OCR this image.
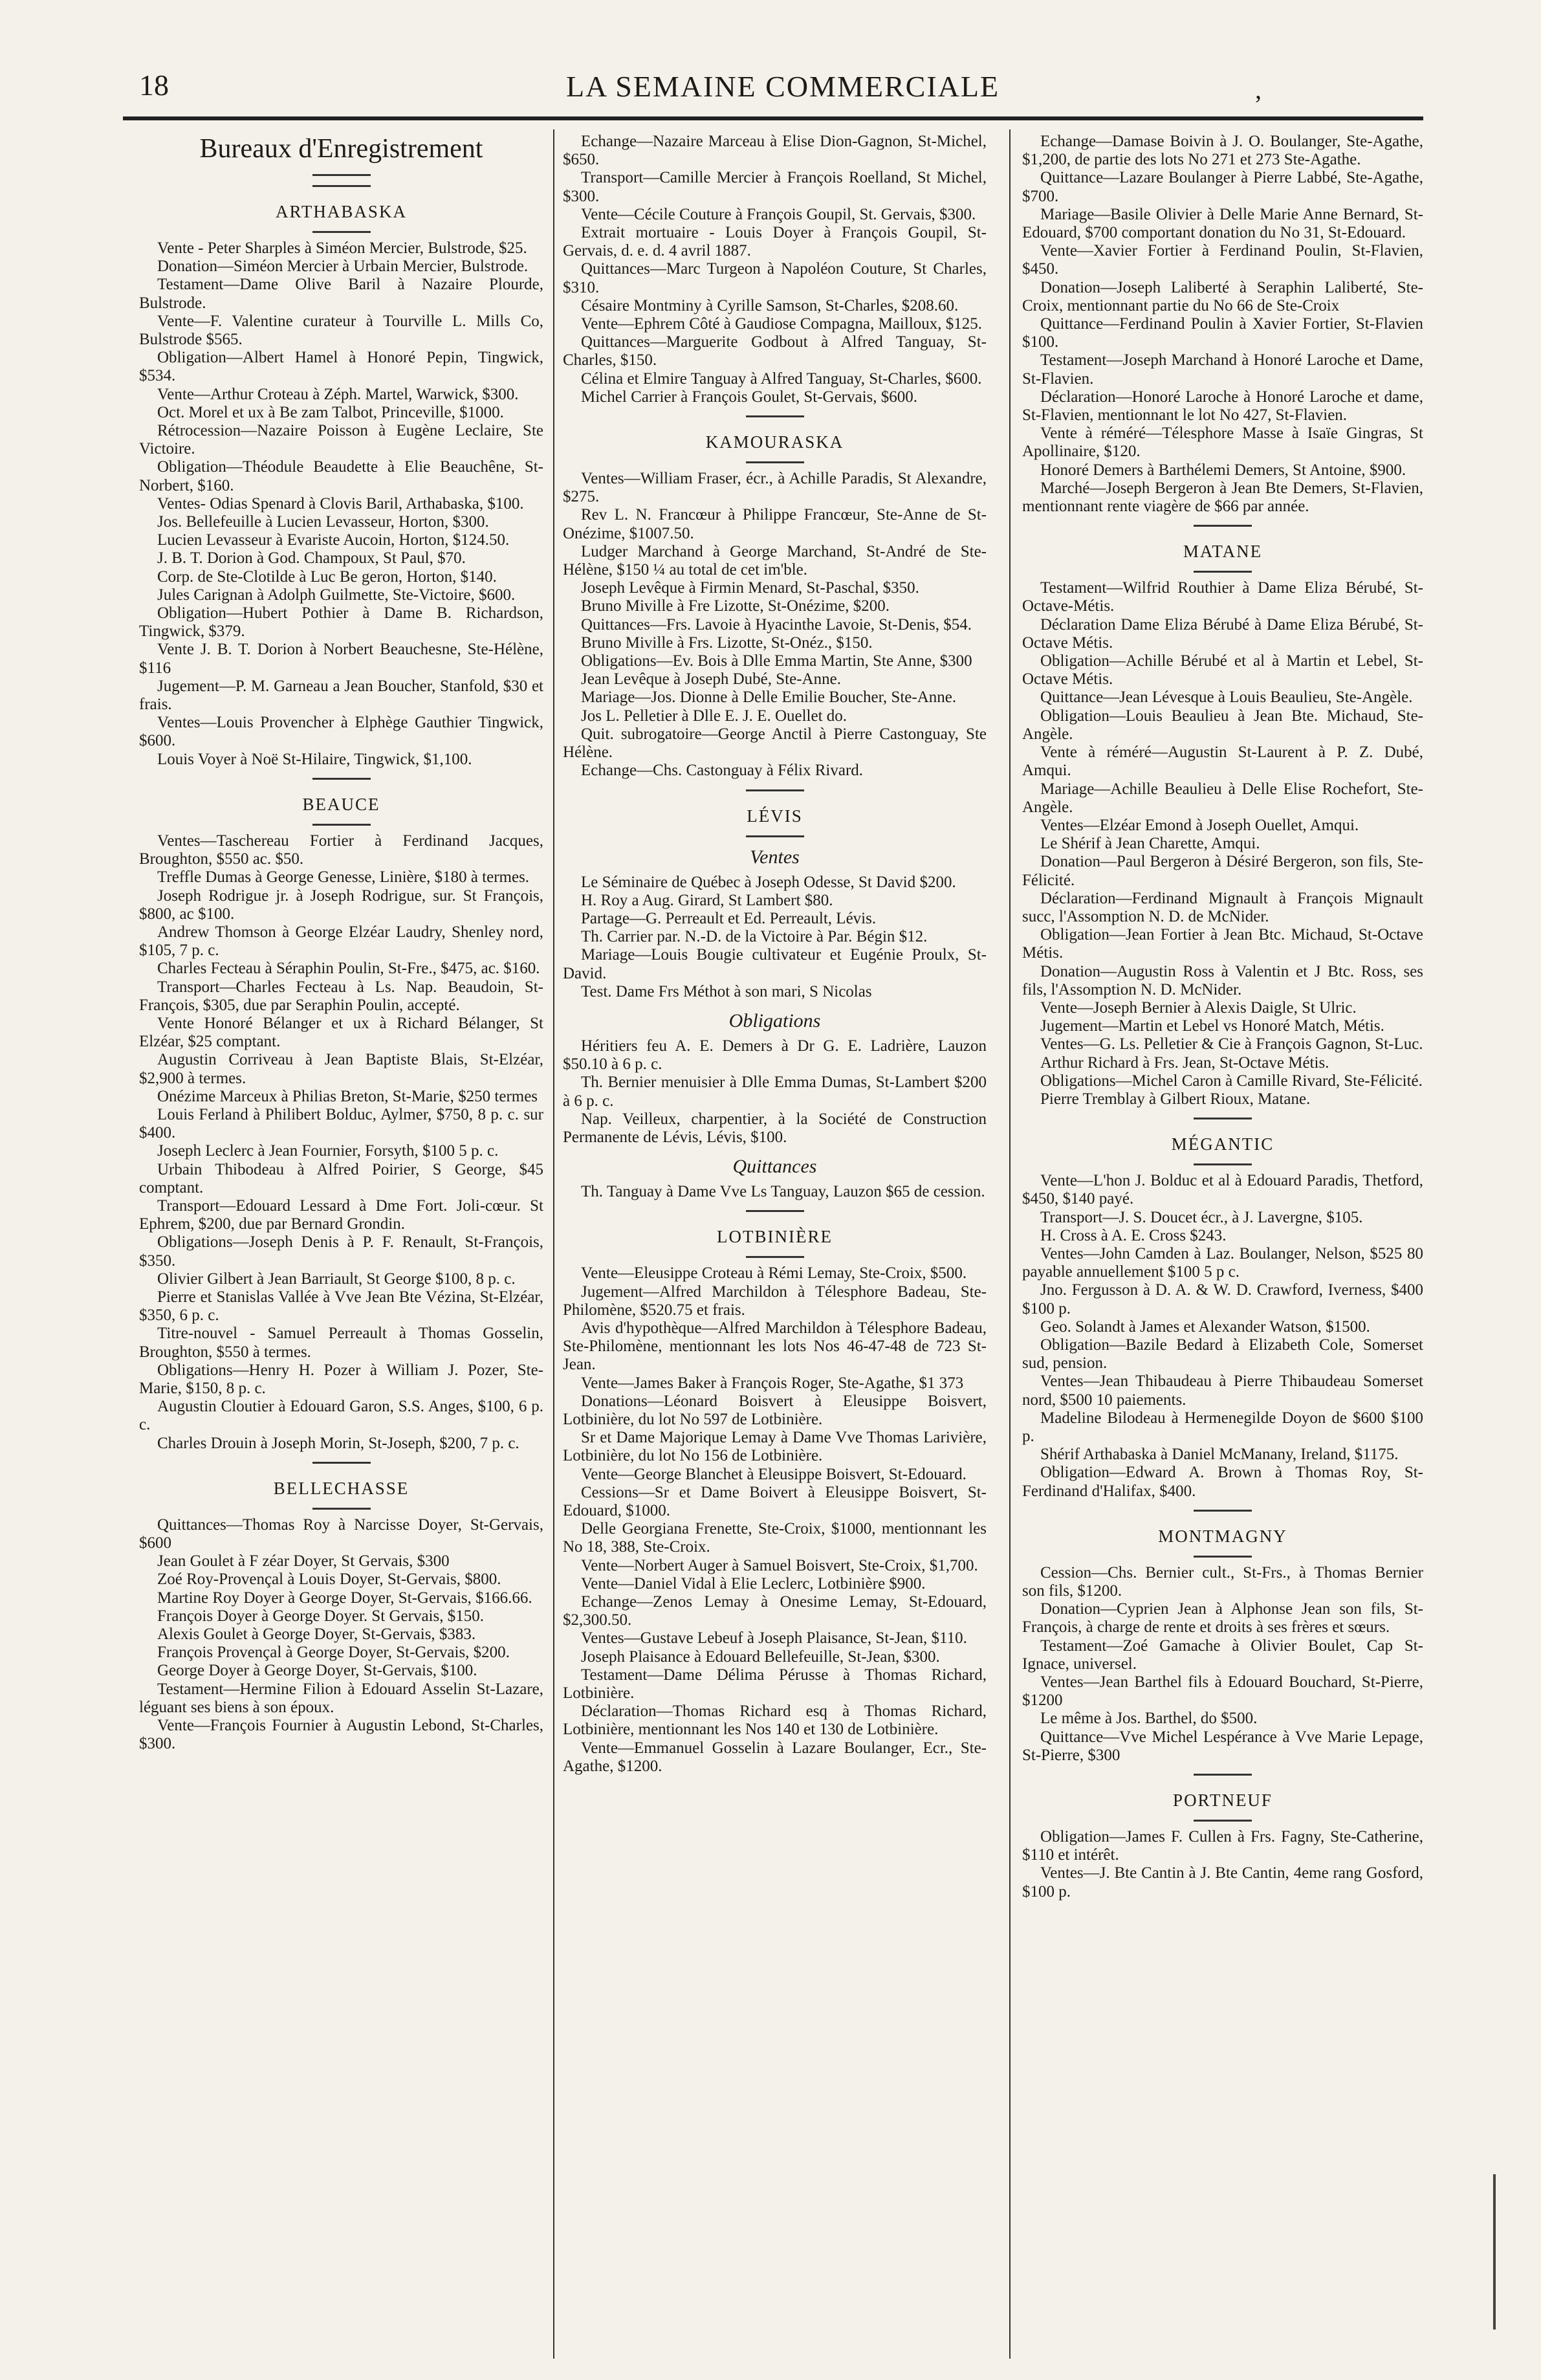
18	LA SEMAINE COMMERCIALE	,
Bureaux d'Enregistrement
ARTHABASKA

Vente - Peter Sharples à Siméon Mercier, Bulstrode, $25.

Donation—Siméon Mercier à Urbain Mercier, Bulstrode.

Testament—Dame Olive Baril à Nazaire Plourde, Bulstrode.

Vente—F. Valentine curateur à Tourville L. Mills Co, Bulstrode $565.

Obligation—Albert Hamel à Honoré Pepin, Tingwick, $534.

Vente—Arthur Croteau à Zéph. Martel, Warwick, $300.

Oct. Morel et ux à Be zam Talbot, Princeville, $1000.

Rétrocession—Nazaire Poisson à Eugène Leclaire, Ste Victoire.

Obligation—Théodule Beaudette à Elie Beauchêne, St-Norbert, $160.

Ventes- Odias Spenard à Clovis Baril, Arthabaska, $100.

Jos. Bellefeuille à Lucien Levasseur, Horton, $300.

Lucien Levasseur à Evariste Aucoin, Horton, $124.50.

J. B. T. Dorion à God. Champoux, St Paul, $70.

Corp. de Ste-Clotilde à Luc Be geron, Horton, $140.

Jules Carignan à Adolph Guilmette, Ste-Victoire, $600.

Obligation—Hubert Pothier à Dame B. Richardson, Tingwick, $379.

Vente J. B. T. Dorion à Norbert Beauchesne, Ste-Hélène, $116

Jugement—P. M. Garneau a Jean Boucher, Stanfold, $30 et frais.

Ventes—Louis Provencher à Elphège Gauthier Tingwick, $600.

Louis Voyer à Noë St-Hilaire, Tingwick, $1,100.

BEAUCE

Ventes—Taschereau Fortier à Ferdinand Jacques, Broughton, $550 ac. $50.

Treffle Dumas à George Genesse, Linière, $180 à termes.

Joseph Rodrigue jr. à Joseph Rodrigue, sur. St François, $800, ac $100.

Andrew Thomson à George Elzéar Laudry, Shenley nord, $105, 7 p. c.

Charles Fecteau à Séraphin Poulin, St-Fre., $475, ac. $160.

Transport—Charles Fecteau à Ls. Nap. Beaudoin, St-François, $305, due par Seraphin Poulin, accepté.

Vente Honoré Bélanger et ux à Richard Bélanger, St Elzéar, $25 comptant.

Augustin Corriveau à Jean Baptiste Blais, St-Elzéar, $2,900 à termes.

Onézime Marceux à Philias Breton, St-Marie, $250 termes

Louis Ferland à Philibert Bolduc, Aylmer, $750, 8 p. c. sur $400.

Joseph Leclerc à Jean Fournier, Forsyth, $100 5 p. c.

Urbain Thibodeau à Alfred Poirier, S George, $45 comptant.

Transport—Edouard Lessard à Dme Fort. Joli-cœur. St Ephrem, $200, due par Bernard Grondin.

Obligations—Joseph Denis à P. F. Renault, St-François, $350.

Olivier Gilbert à Jean Barriault, St George $100, 8 p. c.

Pierre et Stanislas Vallée à Vve Jean Bte Vézina, St-Elzéar, $350, 6 p. c.

Titre-nouvel - Samuel Perreault à Thomas Gosselin, Broughton, $550 à termes.

Obligations—Henry H. Pozer à William J. Pozer, Ste-Marie, $150, 8 p. c.

Augustin Cloutier à Edouard Garon, S.S. Anges, $100, 6 p. c.

Charles Drouin à Joseph Morin, St-Joseph, $200, 7 p. c.

BELLECHASSE

Quittances—Thomas Roy à Narcisse Doyer, St-Gervais, $600

Jean Goulet à F zéar Doyer, St Gervais, $300

Zoé Roy-Provençal à Louis Doyer, St-Gervais, $800.

Martine Roy Doyer à George Doyer, St-Gervais, $166.66.

François Doyer à George Doyer. St Gervais, $150.

Alexis Goulet à George Doyer, St-Gervais, $383.

François Provençal à George Doyer, St-Gervais, $200.

George Doyer à George Doyer, St-Gervais, $100.

Testament—Hermine Filion à Edouard Asselin St-Lazare, léguant ses biens à son époux.

Vente—François Fournier à Augustin Lebond, St-Charles, $300.

Echange—Nazaire Marceau à Elise Dion-Gagnon, St-Michel, $650.

Transport—Camille Mercier à François Roelland, St Michel, $300.

Vente—Cécile Couture à François Goupil, St. Gervais, $300.

Extrait mortuaire - Louis Doyer à François Goupil, St-Gervais, d. e. d. 4 avril 1887.

Quittances—Marc Turgeon à Napoléon Couture, St Charles, $310.

Césaire Montminy à Cyrille Samson, St-Charles, $208.60.

Vente—Ephrem Côté à Gaudiose Compagna, Mailloux, $125.

Quittances—Marguerite Godbout à Alfred Tanguay, St-Charles, $150.

Célina et Elmire Tanguay à Alfred Tanguay, St-Charles, $600.

Michel Carrier à François Goulet, St-Gervais, $600.

KAMOURASKA

Ventes—William Fraser, écr., à Achille Paradis, St Alexandre, $275.

Rev L. N. Francœur à Philippe Francœur, Ste-Anne de St-Onézime, $1007.50.

Ludger Marchand à George Marchand, St-André de Ste-Hélène, $150 ¼ au total de cet im'ble.

Joseph Levêque à Firmin Menard, St-Paschal, $350.

Bruno Miville à Fre Lizotte, St-Onézime, $200.

Quittances—Frs. Lavoie à Hyacinthe Lavoie, St-Denis, $54.

Bruno Miville à Frs. Lizotte, St-Onéz., $150.

Obligations—Ev. Bois à Dlle Emma Martin, Ste Anne, $300

Jean Levêque à Joseph Dubé, Ste-Anne.

Mariage—Jos. Dionne à Delle Emilie Boucher, Ste-Anne.

Jos L. Pelletier à Dlle E. J. E. Ouellet do.

Quit. subrogatoire—George Anctil à Pierre Castonguay, Ste Hélène.

Echange—Chs. Castonguay à Félix Rivard.

LÉVIS
Ventes

Le Séminaire de Québec à Joseph Odesse, St David $200.

H. Roy a Aug. Girard, St Lambert $80.

Partage—G. Perreault et Ed. Perreault, Lévis.

Th. Carrier par. N.-D. de la Victoire à Par. Bégin $12.

Mariage—Louis Bougie cultivateur et Eugénie Proulx, St-David.

Test. Dame Frs Méthot à son mari, S Nicolas

Obligations

Héritiers feu A. E. Demers à Dr G. E. Ladrière, Lauzon $50.10 à 6 p. c.

Th. Bernier menuisier à Dlle Emma Dumas, St-Lambert $200 à 6 p. c.

Nap. Veilleux, charpentier, à la Société de Construction Permanente de Lévis, Lévis, $100.

Quittances

Th. Tanguay à Dame Vve Ls Tanguay, Lauzon $65 de cession.

LOTBINIÈRE

Vente—Eleusippe Croteau à Rémi Lemay, Ste-Croix, $500.

Jugement—Alfred Marchildon à Télesphore Badeau, Ste-Philomène, $520.75 et frais.

Avis d'hypothèque—Alfred Marchildon à Télesphore Badeau, Ste-Philomène, mentionnant les lots Nos 46-47-48 de 723 St-Jean.

Vente—James Baker à François Roger, Ste-Agathe, $1 373

Donations—Léonard Boisvert à Eleusippe Boisvert, Lotbinière, du lot No 597 de Lotbinière.

Sr et Dame Majorique Lemay à Dame Vve Thomas Larivière, Lotbinière, du lot No 156 de Lotbinière.

Vente—George Blanchet à Eleusippe Boisvert, St-Edouard.

Cessions—Sr et Dame Boivert à Eleusippe Boisvert, St-Edouard, $1000.

Delle Georgiana Frenette, Ste-Croix, $1000, mentionnant les No 18, 388, Ste-Croix.

Vente—Norbert Auger à Samuel Boisvert, Ste-Croix, $1,700.

Vente—Daniel Vidal à Elie Leclerc, Lotbinière $900.

Echange—Zenos Lemay à Onesime Lemay, St-Edouard, $2,300.50.

Ventes—Gustave Lebeuf à Joseph Plaisance, St-Jean, $110.

Joseph Plaisance à Edouard Bellefeuille, St-Jean, $300.

Testament—Dame Délima Pérusse à Thomas Richard, Lotbinière.

Déclaration—Thomas Richard esq à Thomas Richard, Lotbinière, mentionnant les Nos 140 et 130 de Lotbinière.

Vente—Emmanuel Gosselin à Lazare Boulanger, Ecr., Ste-Agathe, $1200.

Echange—Damase Boivin à J. O. Boulanger, Ste-Agathe, $1,200, de partie des lots No 271 et 273 Ste-Agathe.

Quittance—Lazare Boulanger à Pierre Labbé, Ste-Agathe, $700.

Mariage—Basile Olivier à Delle Marie Anne Bernard, St-Edouard, $700 comportant donation du No 31, St-Edouard.

Vente—Xavier Fortier à Ferdinand Poulin, St-Flavien, $450.

Donation—Joseph Laliberté à Seraphin Laliberté, Ste-Croix, mentionnant partie du No 66 de Ste-Croix

Quittance—Ferdinand Poulin à Xavier Fortier, St-Flavien $100.

Testament—Joseph Marchand à Honoré Laroche et Dame, St-Flavien.

Déclaration—Honoré Laroche à Honoré Laroche et dame, St-Flavien, mentionnant le lot No 427, St-Flavien.

Vente à réméré—Télesphore Masse à Isaïe Gingras, St Apollinaire, $120.

Honoré Demers à Barthélemi Demers, St Antoine, $900.

Marché—Joseph Bergeron à Jean Bte Demers, St-Flavien, mentionnant rente viagère de $66 par année.

MATANE

Testament—Wilfrid Routhier à Dame Eliza Bérubé, St-Octave-Métis.

Déclaration Dame Eliza Bérubé à Dame Eliza Bérubé, St-Octave Métis.

Obligation—Achille Bérubé et al à Martin et Lebel, St-Octave Métis.

Quittance—Jean Lévesque à Louis Beaulieu, Ste-Angèle.

Obligation—Louis Beaulieu à Jean Bte. Michaud, Ste-Angèle.

Vente à réméré—Augustin St-Laurent à P. Z. Dubé, Amqui.

Mariage—Achille Beaulieu à Delle Elise Rochefort, Ste-Angèle.

Ventes—Elzéar Emond à Joseph Ouellet, Amqui.

Le Shérif à Jean Charette, Amqui.

Donation—Paul Bergeron à Désiré Bergeron, son fils, Ste-Félicité.

Déclaration—Ferdinand Mignault à François Mignault succ, l'Assomption N. D. de McNider.

Obligation—Jean Fortier à Jean Btc. Michaud, St-Octave Métis.

Donation—Augustin Ross à Valentin et J Btc. Ross, ses fils, l'Assomption N. D. McNider.

Vente—Joseph Bernier à Alexis Daigle, St Ulric.

Jugement—Martin et Lebel vs Honoré Match, Métis.

Ventes—G. Ls. Pelletier & Cie à François Gagnon, St-Luc.

Arthur Richard à Frs. Jean, St-Octave Métis.

Obligations—Michel Caron à Camille Rivard, Ste-Félicité.

Pierre Tremblay à Gilbert Rioux, Matane.

MÉGANTIC

Vente—L'hon J. Bolduc et al à Edouard Paradis, Thetford, $450, $140 payé.

Transport—J. S. Doucet écr., à J. Lavergne, $105.

H. Cross à A. E. Cross $243.

Ventes—John Camden à Laz. Boulanger, Nelson, $525 80 payable annuellement $100 5 p c.

Jno. Fergusson à D. A. & W. D. Crawford, Iverness, $400 $100 p.

Geo. Solandt à James et Alexander Watson, $1500.

Obligation—Bazile Bedard à Elizabeth Cole, Somerset sud, pension.

Ventes—Jean Thibaudeau à Pierre Thibaudeau Somerset nord, $500 10 paiements.

Madeline Bilodeau à Hermenegilde Doyon de $600 $100 p.

Shérif Arthabaska à Daniel McManany, Ireland, $1175.

Obligation—Edward A. Brown à Thomas Roy, St-Ferdinand d'Halifax, $400.

MONTMAGNY

Cession—Chs. Bernier cult., St-Frs., à Thomas Bernier son fils, $1200.

Donation—Cyprien Jean à Alphonse Jean son fils, St-François, à charge de rente et droits à ses frères et sœurs.

Testament—Zoé Gamache à Olivier Boulet, Cap St-Ignace, universel.

Ventes—Jean Barthel fils à Edouard Bouchard, St-Pierre, $1200

Le même à Jos. Barthel, do $500.

Quittance—Vve Michel Lespérance à Vve Marie Lepage, St-Pierre, $300

PORTNEUF

Obligation—James F. Cullen à Frs. Fagny, Ste-Catherine, $110 et intérêt.

Ventes—J. Bte Cantin à J. Bte Cantin, 4eme rang Gosford, $100 p.
